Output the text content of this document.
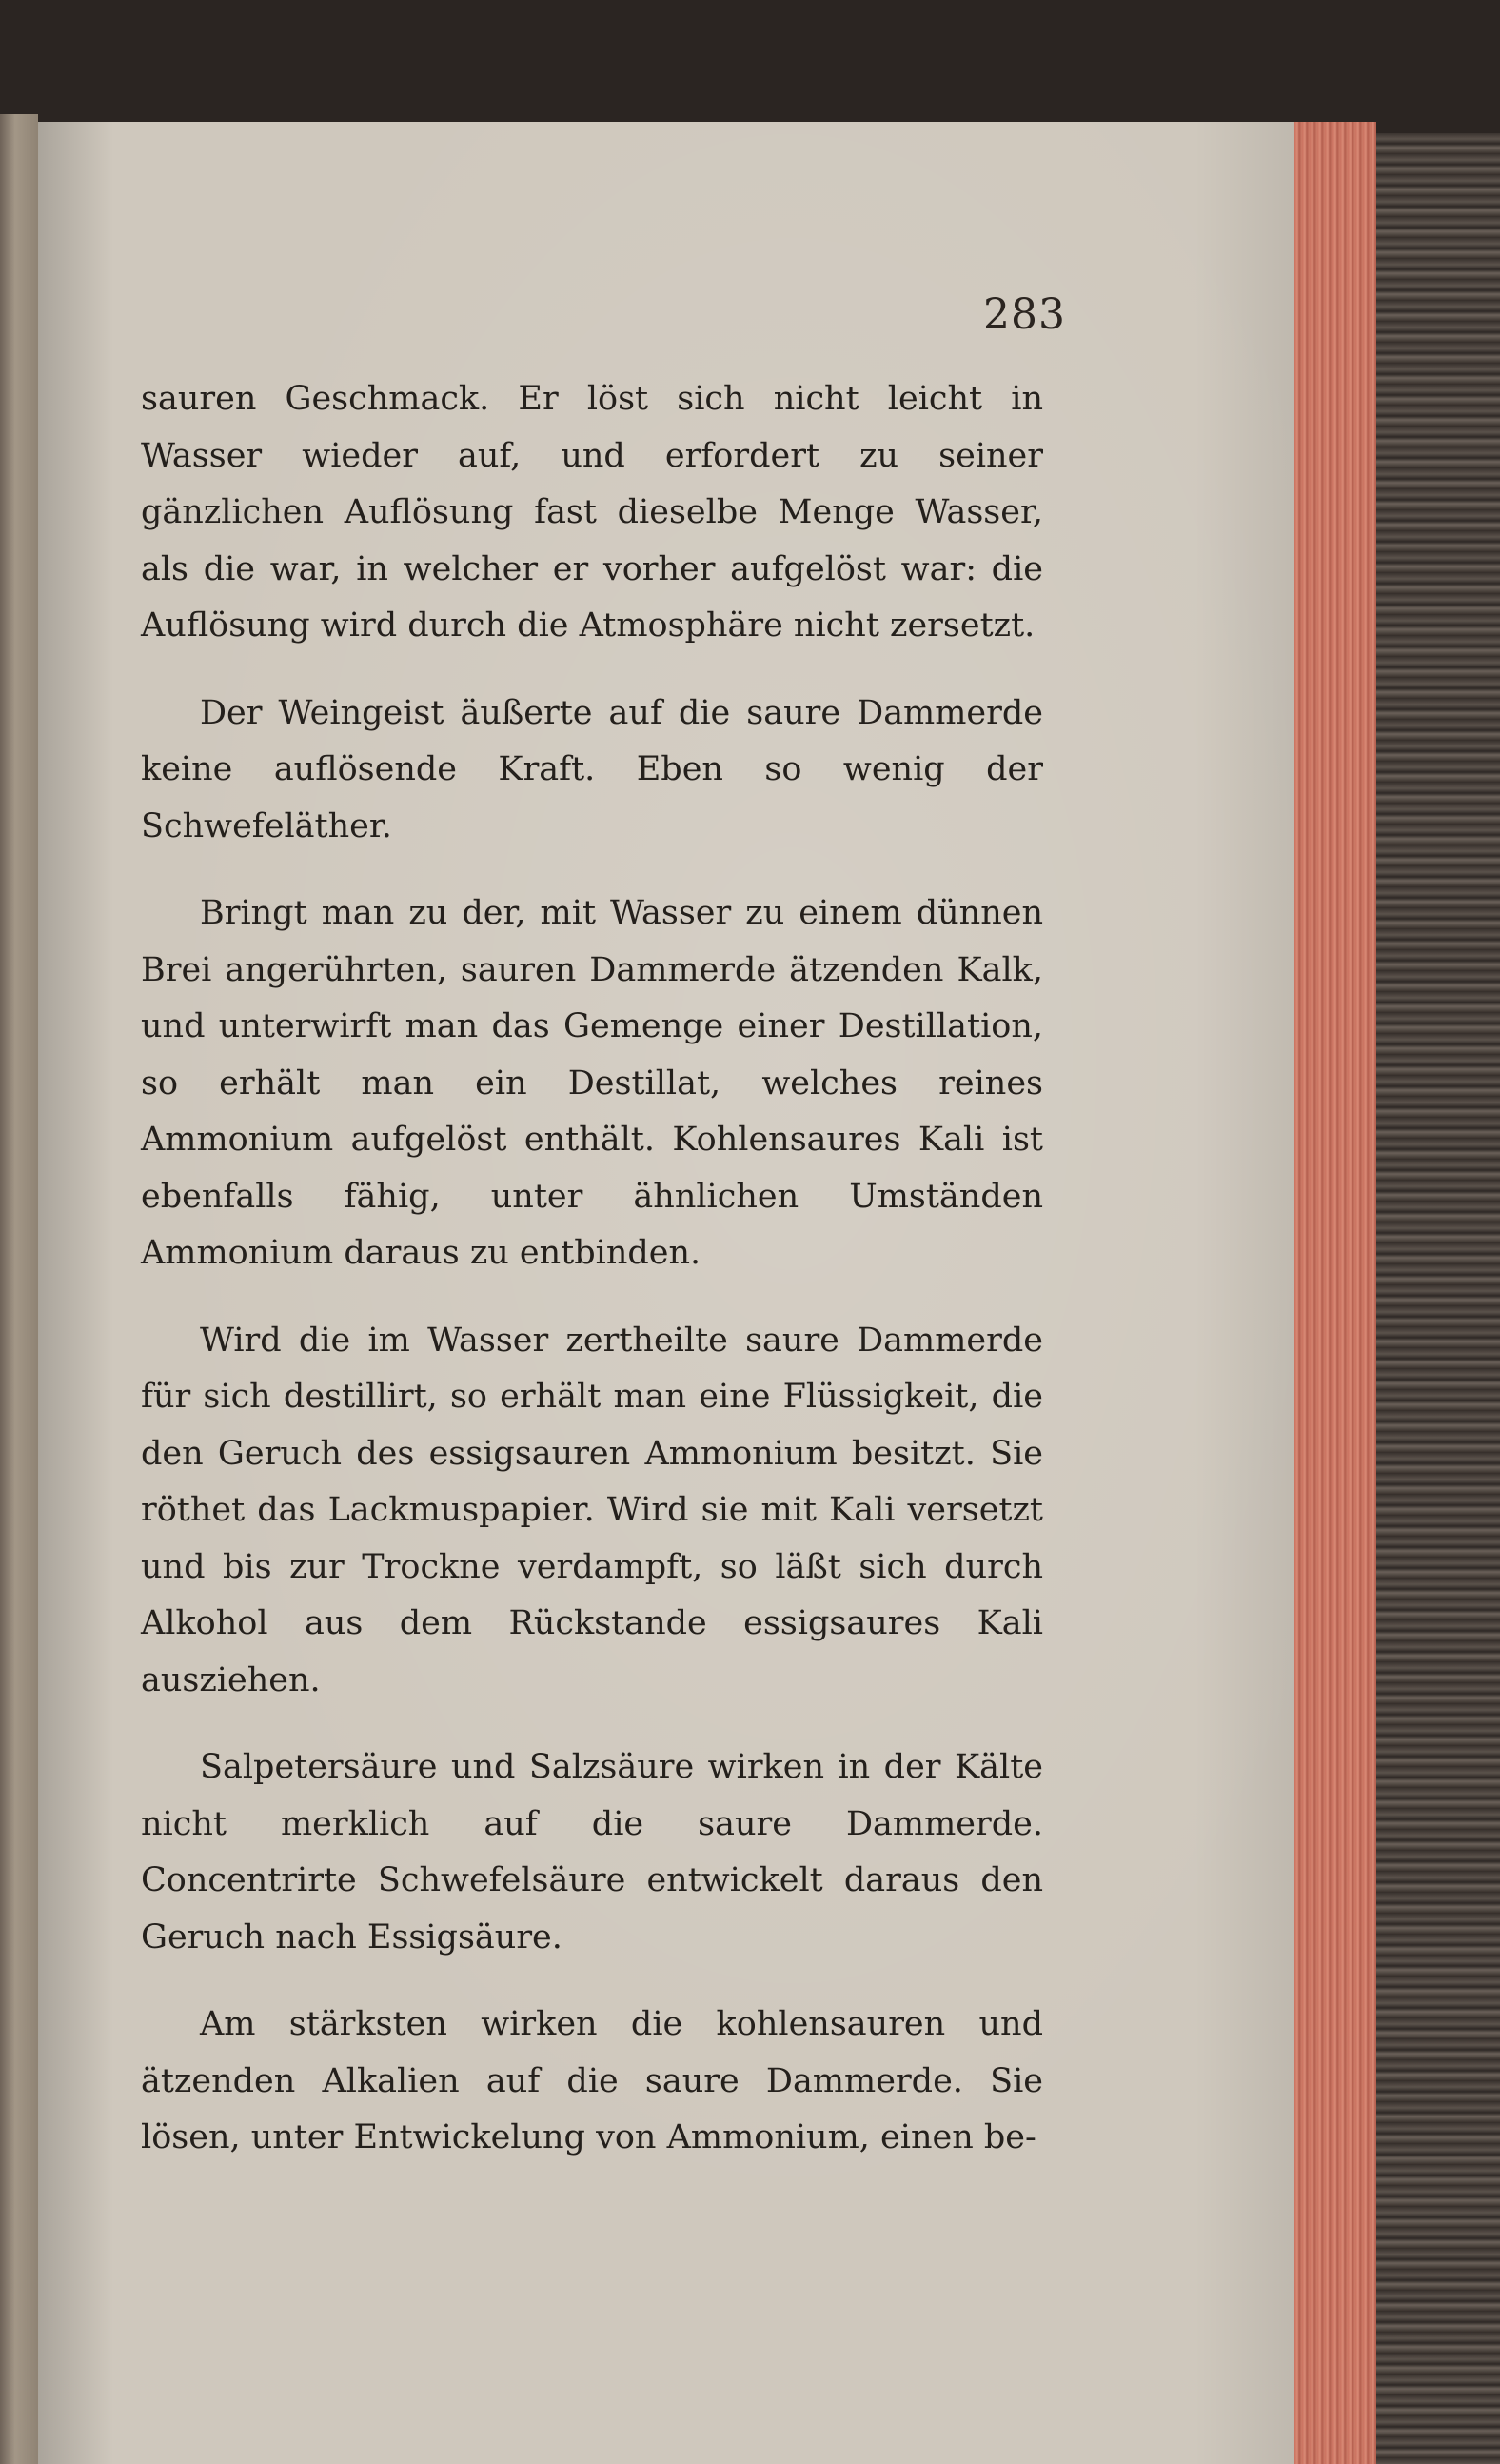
283

sauren Geschmack. Er löst sich nicht leicht in Wasser wieder auf, und erfordert zu seiner gänzlichen Auflösung fast dieselbe Menge Wasser, als die war, in welcher er vorher aufgelöst war: die Auflösung wird durch die Atmosphäre nicht zersetzt.

Der Weingeist äußerte auf die saure Dammerde keine auflösende Kraft. Eben so wenig der Schwefeläther.

Bringt man zu der, mit Wasser zu einem dünnen Brei angerührten, sauren Dammerde ätzenden Kalk, und unterwirft man das Gemenge einer Destillation, so erhält man ein Destillat, welches reines Ammonium aufgelöst enthält. Kohlensaures Kali ist ebenfalls fähig, unter ähnlichen Umständen Ammonium daraus zu entbinden.

Wird die im Wasser zertheilte saure Dammerde für sich destillirt, so erhält man eine Flüssigkeit, die den Geruch des essigsauren Ammonium besitzt. Sie röthet das Lackmuspapier. Wird sie mit Kali versetzt und bis zur Trockne verdampft, so läßt sich durch Alkohol aus dem Rückstande essigsaures Kali ausziehen.

Salpetersäure und Salzsäure wirken in der Kälte nicht merklich auf die saure Dammerde. Concentrirte Schwefelsäure entwickelt daraus den Geruch nach Essigsäure.

Am stärksten wirken die kohlensauren und ätzenden Alkalien auf die saure Dammerde. Sie lösen, unter Entwickelung von Ammonium, einen be-
